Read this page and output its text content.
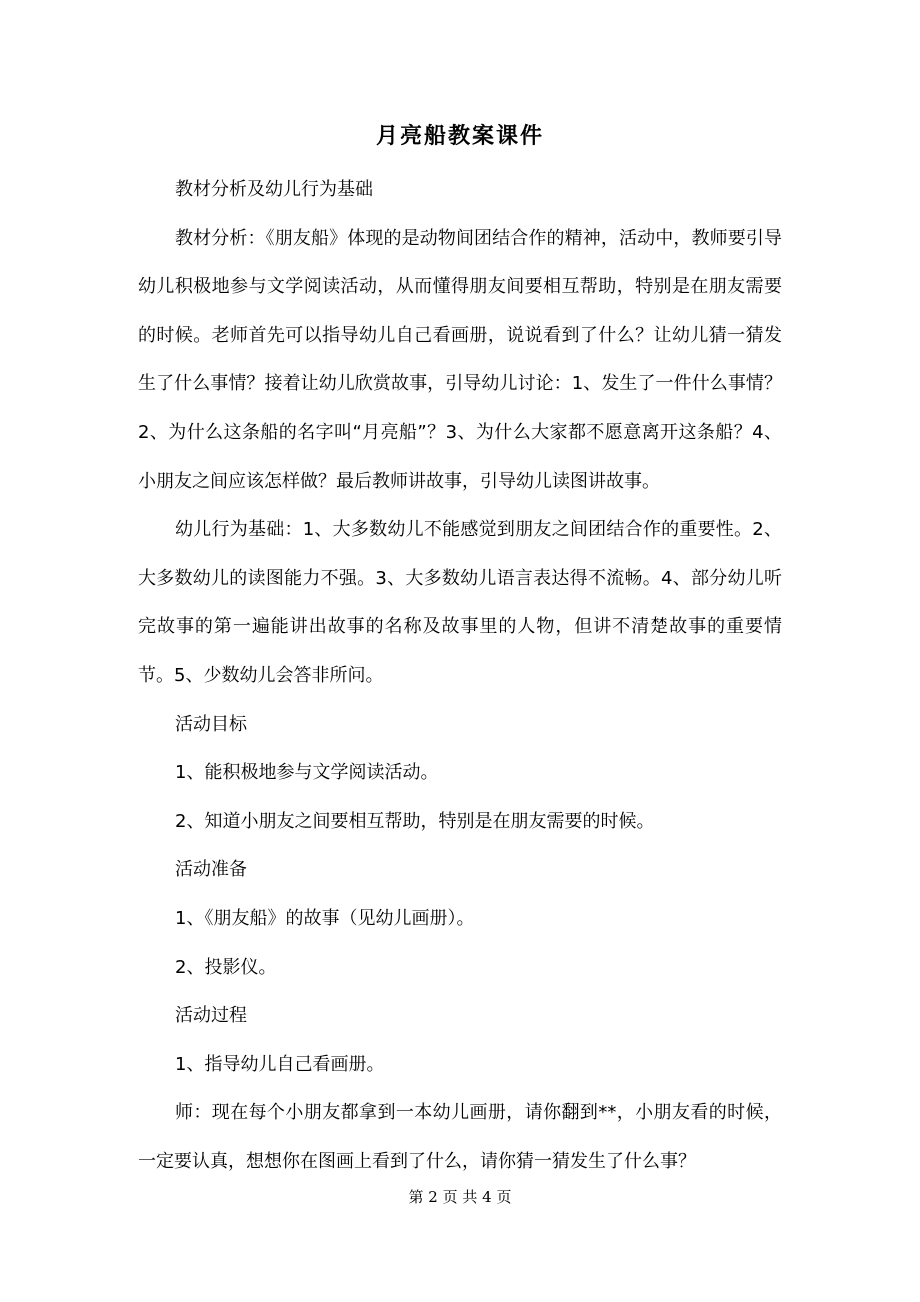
月亮船教案课件

教材分析及幼儿行为基础

教材分析：《朋友船》体现的是动物间团结合作的精神，活动中，教师要引导幼儿积极地参与文学阅读活动，从而懂得朋友间要相互帮助，特别是在朋友需要的时候。老师首先可以指导幼儿自己看画册，说说看到了什么？让幼儿猜一猜发生了什么事情？接着让幼儿欣赏故事，引导幼儿讨论：1、发生了一件什么事情？2、为什么这条船的名字叫“月亮船”？3、为什么大家都不愿意离开这条船？4、小朋友之间应该怎样做？最后教师讲故事，引导幼儿读图讲故事。

幼儿行为基础：1、大多数幼儿不能感觉到朋友之间团结合作的重要性。2、大多数幼儿的读图能力不强。3、大多数幼儿语言表达得不流畅。4、部分幼儿听完故事的第一遍能讲出故事的名称及故事里的人物，但讲不清楚故事的重要情节。5、少数幼儿会答非所问。

活动目标

1、能积极地参与文学阅读活动。

2、知道小朋友之间要相互帮助，特别是在朋友需要的时候。

活动准备

1、《朋友船》的故事（见幼儿画册）。

2、投影仪。

活动过程

1、指导幼儿自己看画册。

师：现在每个小朋友都拿到一本幼儿画册，请你翻到**，小朋友看的时候，一定要认真，想想你在图画上看到了什么，请你猜一猜发生了什么事？

第 2 页 共 4 页
